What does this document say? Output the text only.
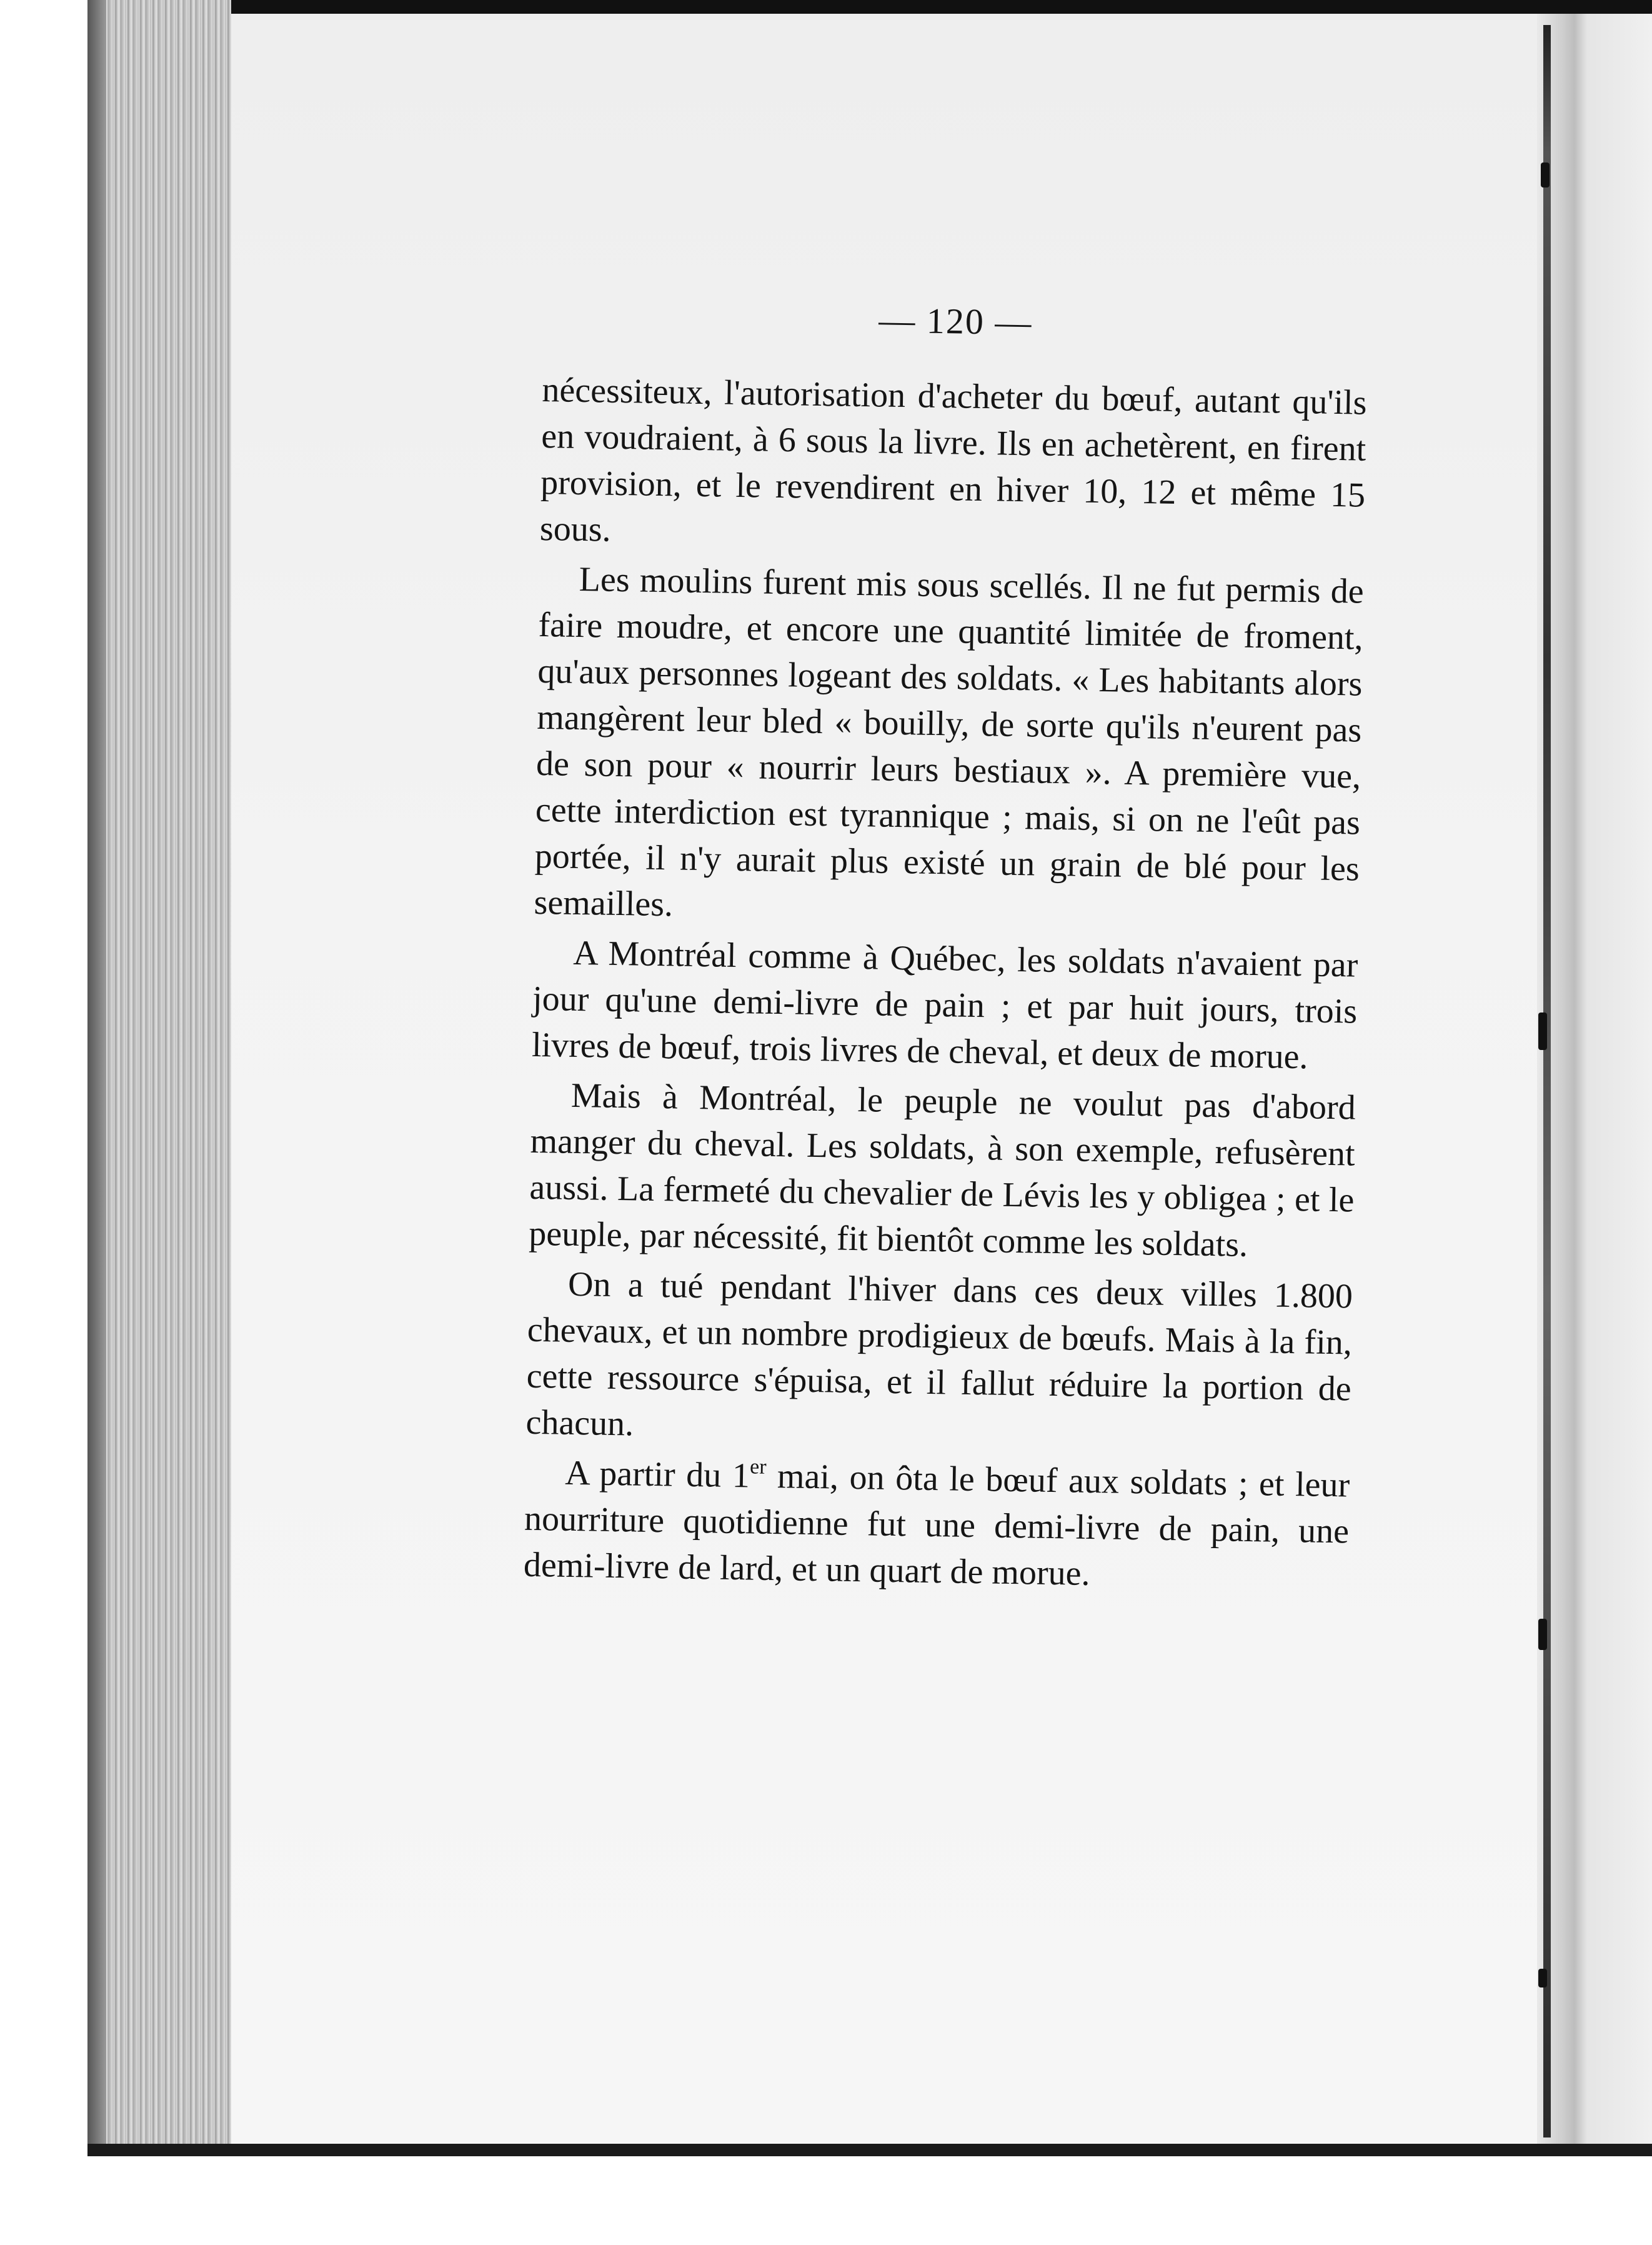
— 120 —

nécessiteux, l'autorisation d'acheter du bœuf, autant qu'ils en voudraient, à 6 sous la livre. Ils en achetèrent, en firent provision, et le revendirent en hiver 10, 12 et même 15 sous.

Les moulins furent mis sous scellés. Il ne fut permis de faire moudre, et encore une quantité limitée de froment, qu'aux personnes logeant des soldats. « Les habitants alors mangèrent leur bled « bouilly, de sorte qu'ils n'eurent pas de son pour « nourrir leurs bestiaux ». A première vue, cette interdiction est tyrannique ; mais, si on ne l'eût pas portée, il n'y aurait plus existé un grain de blé pour les semailles.

A Montréal comme à Québec, les soldats n'avaient par jour qu'une demi-livre de pain ; et par huit jours, trois livres de bœuf, trois livres de cheval, et deux de morue.

Mais à Montréal, le peuple ne voulut pas d'abord manger du cheval. Les soldats, à son exemple, refusèrent aussi. La fermeté du chevalier de Lévis les y obligea ; et le peuple, par nécessité, fit bientôt comme les soldats.

On a tué pendant l'hiver dans ces deux villes 1.800 chevaux, et un nombre prodigieux de bœufs. Mais à la fin, cette ressource s'épuisa, et il fallut réduire la portion de chacun.

A partir du 1er mai, on ôta le bœuf aux soldats ; et leur nourriture quotidienne fut une demi-livre de pain, une demi-livre de lard, et un quart de morue.
